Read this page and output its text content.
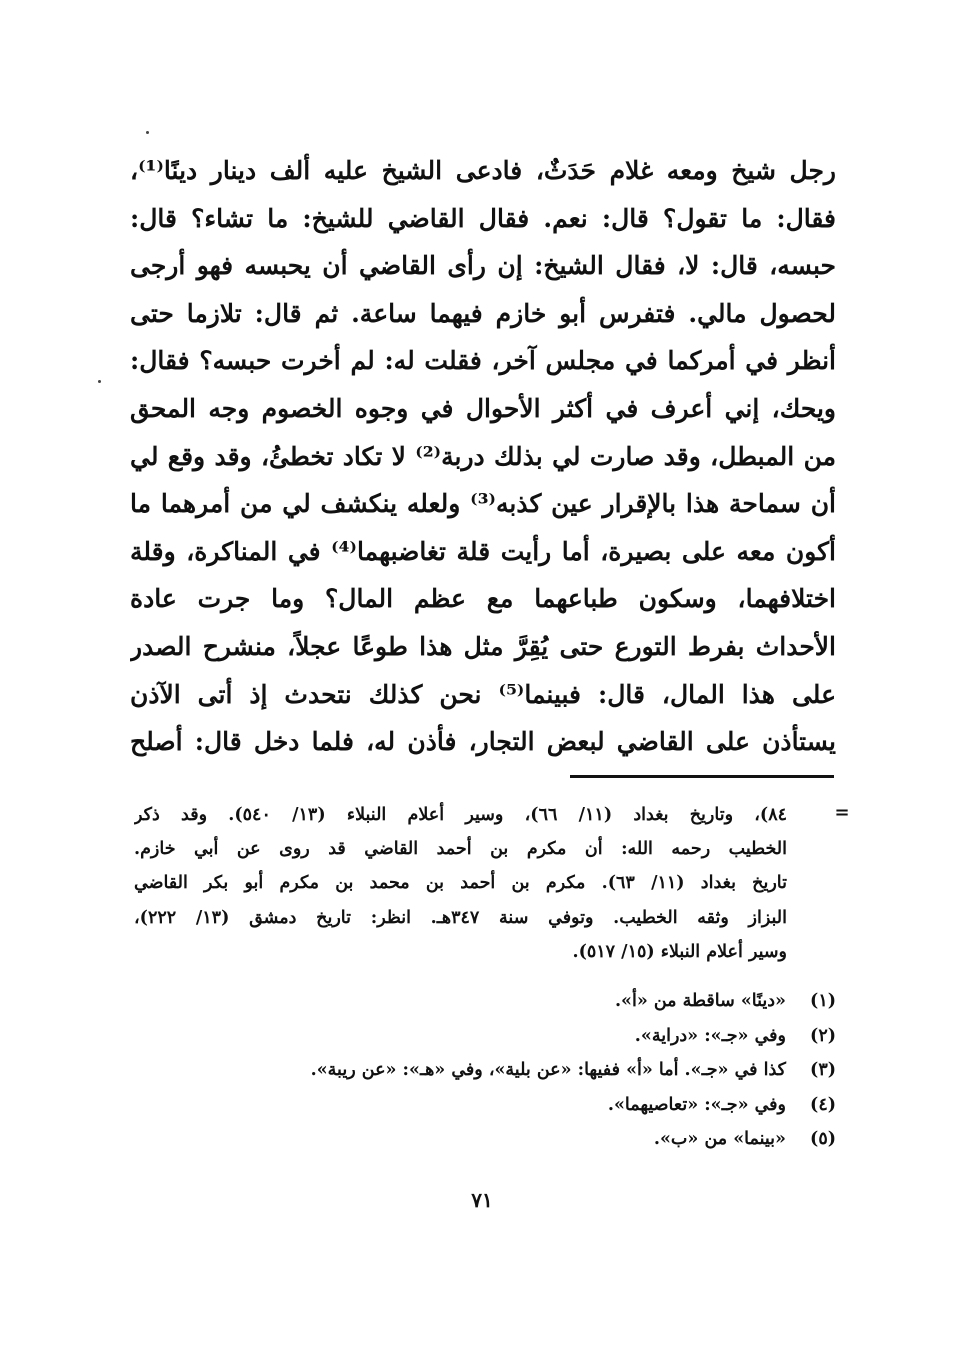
رجل شيخ ومعه غلام حَدَثٌ، فادعى الشيخ عليه ألف دينار دينًا⁽¹⁾،
فقال: ما تقول؟ قال: نعم. فقال القاضي للشيخ: ما تشاء؟ قال:
حبسه، قال: لا، فقال الشيخ: إن رأى القاضي أن يحبسه فهو أرجى
لحصول مالي. فتفرس أبو خازم فيهما ساعة. ثم قال: تلازما حتى
أنظر في أمركما في مجلس آخر، فقلت له: لم أخرت حبسه؟ فقال:
ويحك، إني أعرف في أكثر الأحوال في وجوه الخصوم وجه المحق
من المبطل، وقد صارت لي بذلك دربة⁽²⁾ لا تكاد تخطئُ، وقد وقع لي
أن سماحة هذا بالإقرار عين كذبه⁽³⁾ ولعله ينكشف لي من أمرهما ما
أكون معه على بصيرة، أما رأيت قلة تغاضبهما⁽⁴⁾ في المناكرة، وقلة
اختلافهما، وسكون طباعهما مع عظم المال؟ وما جرت عادة
الأحداث بفرط التورع حتى يُقِرَّ مثل هذا طوعًا عجلاً، منشرح الصدر
على هذا المال، قال: فبينما⁽⁵⁾ نحن كذلك نتحدث إذ أتى الآذن
يستأذن على القاضي لبعض التجار، فأذن له، فلما دخل قال: أصلح
=
٨٤)، وتاريخ بغداد (١١/ ٦٦)، وسير أعلام النبلاء (١٣/ ٥٤٠). وقد ذكر
الخطيب رحمه الله: أن مكرم بن أحمد القاضي قد روى عن أبي خازم.
تاريخ بغداد (١١/ ٦٣). مكرم بن أحمد بن محمد بن مكرم أبو بكر القاضي
البزاز وثقه الخطيب. وتوفي سنة ٣٤٧هـ. انظر: تاريخ دمشق (١٣/ ٢٢٢)،
وسير أعلام النبلاء (١٥/ ٥١٧).
(١)
«دينًا» ساقطة من «أ».
(٢)
وفي «جـ»: «دراية».
(٣)
كذا في «جـ». أما «أ» ففيها: «عن بلية»، وفي «هـ»: «عن ريبة».
(٤)
وفي «جـ»: «تعاصيهما».
(٥)
«بينما» من «ب».
٧١
